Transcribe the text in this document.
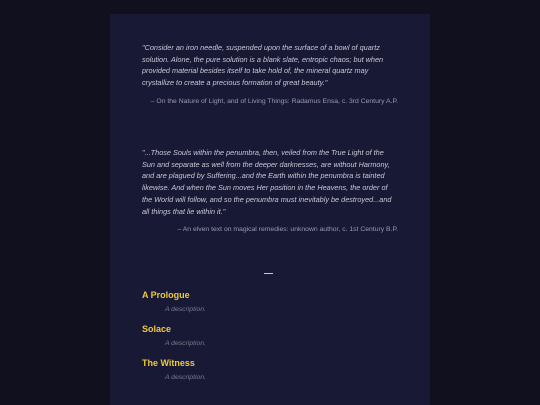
"Consider an iron needle, suspended upon the surface of a bowl of quartz solution. Alone, the pure solution is a blank slate, entropic chaos; but when provided material besides itself to take hold of, the mineral quartz may crystallize to create a precious formation of great beauty."

– On the Nature of Light, and of Living Things: Radamus Ensa, c. 3rd Century A.P.

"...Those Souls within the penumbra, then, veiled from the True Light of the Sun and separate as well from the deeper darknesses, are without Harmony, and are plagued by Suffering...and the Earth within the penumbra is tainted likewise. And when the Sun moves Her position in the Heavens, the order of the World will follow, and so the penumbra must inevitably be destroyed...and all things that lie within it."

– An elven text on magical remedies: unknown author, c. 1st Century B.P.

A Prologue

A description.

Solace

A description.

The Witness

A description.
